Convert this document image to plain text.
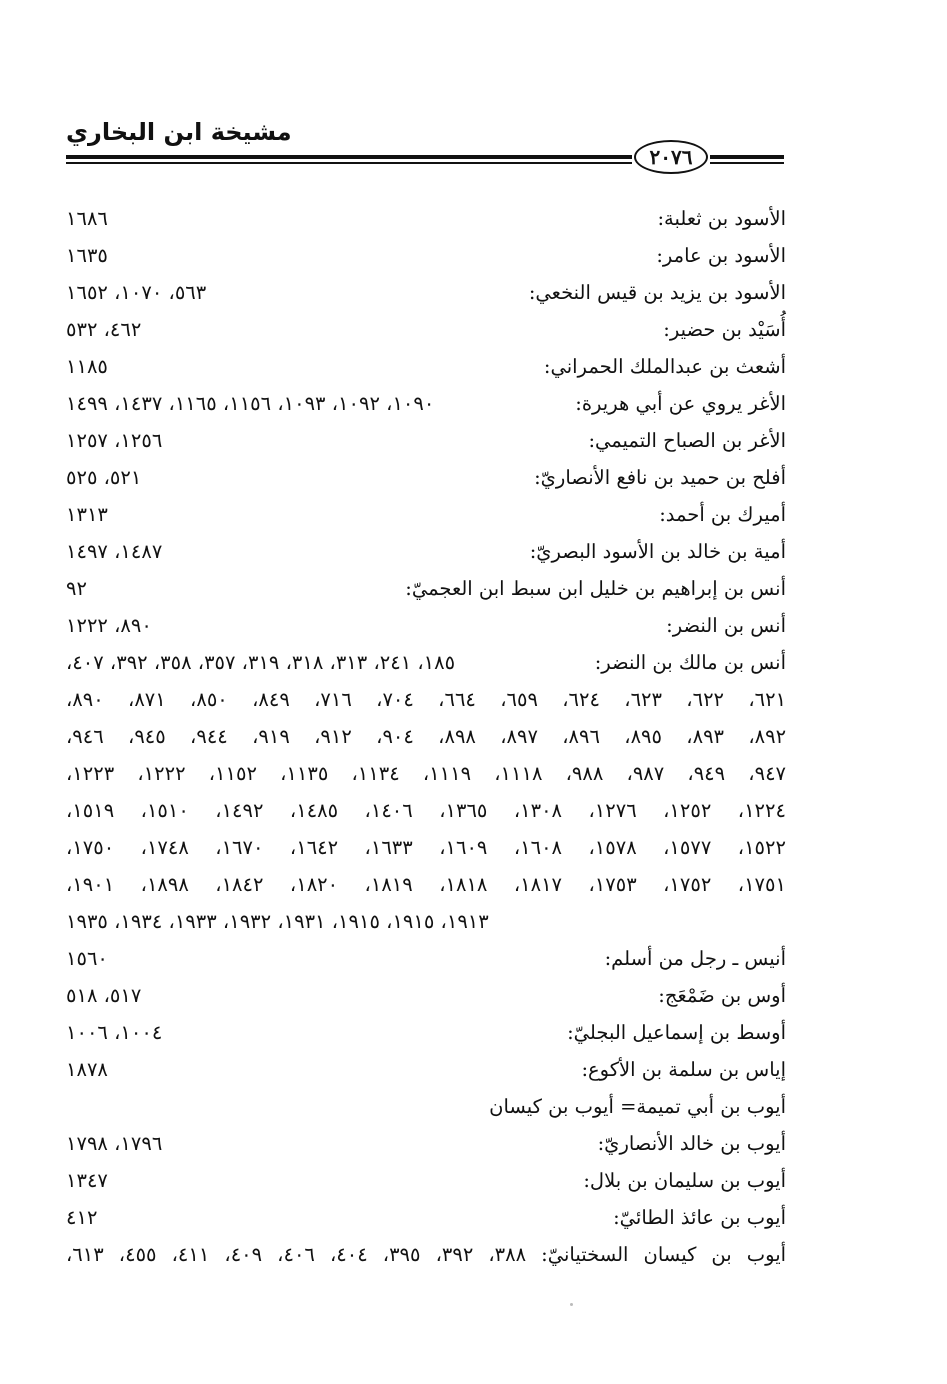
مشيخة ابن البخاري
٢٠٧٦
الأسود بن ثعلبة:
١٦٨٦
الأسود بن عامر:
١٦٣٥
الأسود بن يزيد بن قيس النخعي:
٥٦٣، ١٠٧٠، ١٦٥٢
أُسَيْد بن حضير:
٤٦٢، ٥٣٢
أشعث بن عبدالملك الحمراني:
١١٨٥
الأغر يروي عن أبي هريرة:
١٠٩٠، ١٠٩٢، ١٠٩٣، ١١٥٦، ١١٦٥، ١٤٣٧، ١٤٩٩
الأغر بن الصباح التميمي:
١٢٥٦، ١٢٥٧
أفلح بن حميد بن نافع الأنصاريّ:
٥٢١، ٥٢٥
أميرك بن أحمد:
١٣١٣
أمية بن خالد بن الأسود البصريّ:
١٤٨٧، ١٤٩٧
أنس بن إبراهيم بن خليل ابن سبط ابن العجميّ:
٩٢
أنس بن النضر:
٨٩٠، ١٢٢٢
أنس بن مالك بن النضر:
١٨٥، ٢٤١، ٣١٣، ٣١٨، ٣١٩، ٣٥٧، ٣٥٨، ٣٩٢، ٤٠٧،
٦٢١، ٦٢٢، ٦٢٣، ٦٢٤، ٦٥٩، ٦٦٤، ٧٠٤، ٧١٦، ٨٤٩، ٨٥٠، ٨٧١، ٨٩٠،
٨٩٢، ٨٩٣، ٨٩٥، ٨٩٦، ٨٩٧، ٨٩٨، ٩٠٤، ٩١٢، ٩١٩، ٩٤٤، ٩٤٥، ٩٤٦،
٩٤٧، ٩٤٩، ٩٨٧، ٩٨٨، ١١١٨، ١١١٩، ١١٣٤، ١١٣٥، ١١٥٢، ١٢٢٢، ١٢٢٣،
١٢٢٤، ١٢٥٢، ١٢٧٦، ١٣٠٨، ١٣٦٥، ١٤٠٦، ١٤٨٥، ١٤٩٢، ١٥١٠، ١٥١٩،
١٥٢٢، ١٥٧٧، ١٥٧٨، ١٦٠٨، ١٦٠٩، ١٦٣٣، ١٦٤٢، ١٦٧٠، ١٧٤٨، ١٧٥٠،
١٧٥١، ١٧٥٢، ١٧٥٣، ١٨١٧، ١٨١٨، ١٨١٩، ١٨٢٠، ١٨٤٢، ١٨٩٨، ١٩٠١،
١٩١٣، ١٩١٥، ١٩١٥، ١٩٣١، ١٩٣٢، ١٩٣٣، ١٩٣٤، ١٩٣٥
أنيس ـ رجل من أسلم:
١٥٦٠
أوس بن ضَمْعَج:
٥١٧، ٥١٨
أوسط بن إسماعيل البجليّ:
١٠٠٤، ١٠٠٦
إياس بن سلمة بن الأكوع:
١٨٧٨
أيوب بن أبي تميمة= أيوب بن كيسان
أيوب بن خالد الأنصاريّ:
١٧٩٦، ١٧٩٨
أيوب بن سليمان بن بلال:
١٣٤٧
أيوب بن عائذ الطائيّ:
٤١٢
أيوب بن كيسان السختيانيّ: ٣٨٨، ٣٩٢، ٣٩٥، ٤٠٤، ٤٠٦، ٤٠٩، ٤١١، ٤٥٥، ٦١٣،
